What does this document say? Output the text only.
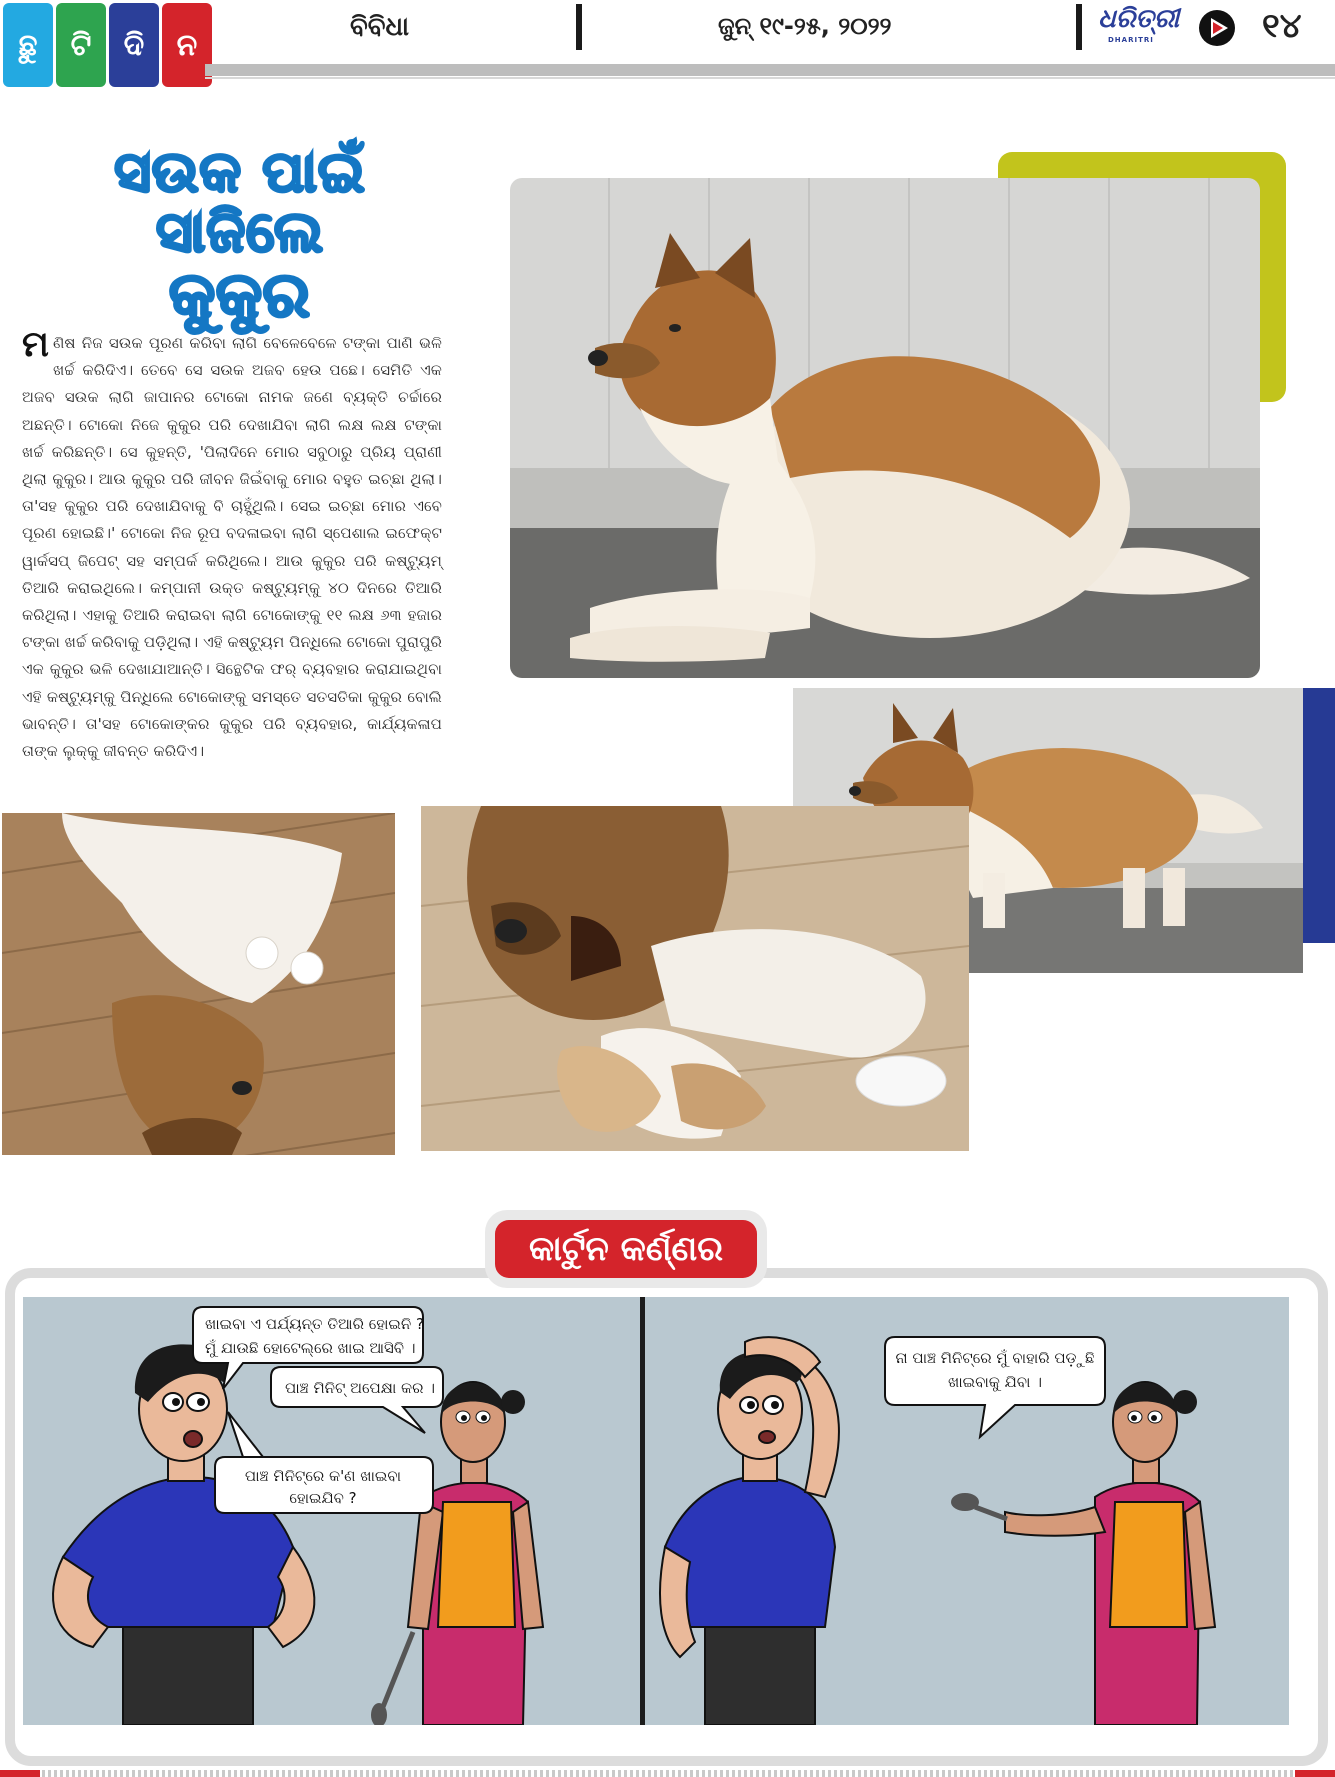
ଛୁ	ଟି	ଦି	ନ
ବିବିଧା	ଜୁନ୍ ୧୯-୨୫, ୨୦୨୨	ଧରିତ୍ରୀ
DHARITRI	୧୪
ସଉକ ପାଇଁ
ସାଜିଲେ
କୁକୁର
ମଣିଷ ନିଜ ସଉକ ପୂରଣ କରିବା ଲାଗି ବେଳେବେଳେ ଟଙ୍କା ପାଣି ଭଳି ଖର୍ଚ୍ଚ କରିଦିଏ। ତେବେ ସେ ସଉକ ଅଜବ ହେଉ ପଛେ। ସେମିତି ଏକ ଅଜବ ସଉକ ଲାଗି ଜାପାନର ଟୋକୋ ନାମକ ଜଣେ ବ୍ୟକ୍ତି ଚର୍ଚ୍ଚାରେ ଅଛନ୍ତି। ଟୋକୋ ନିଜେ କୁକୁର ପରି ଦେଖାଯିବା ଲାଗି ଲକ୍ଷ ଲକ୍ଷ ଟଙ୍କା ଖର୍ଚ୍ଚ କରିଛନ୍ତି। ସେ କୁହନ୍ତି, 'ପିଲାଦିନେ ମୋର ସବୁଠାରୁ ପ୍ରିୟ ପ୍ରାଣୀ ଥିଲା କୁକୁର। ଆଉ କୁକୁର ପରି ଜୀବନ ଜିଇଁବାକୁ ମୋର ବହୁତ ଇଚ୍ଛା ଥିଲା। ତା'ସହ କୁକୁର ପରି ଦେଖାଯିବାକୁ ବି ଚାହୁଁଥିଲି। ସେଇ ଇଚ୍ଛା ମୋର ଏବେ ପୂରଣ ହୋଇଛି।' ଟୋକୋ ନିଜ ରୂପ ବଦଳାଇବା ଲାଗି ସ୍ପେଶାଲ ଇଫେକ୍ଟ ୱାର୍କସପ୍ ଜିପେଟ୍ ସହ ସମ୍ପର୍କ କରିଥିଲେ। ଆଉ କୁକୁର ପରି କଷ୍ଟ୍ୟୁମ୍ ତିଆରି କରାଇଥିଲେ। କମ୍ପାନୀ ଉକ୍ତ କଷ୍ଟ୍ୟୁମ୍‌କୁ ୪୦ ଦିନରେ ତିଆରି କରିଥିଲା। ଏହାକୁ ତିଆରି କରାଇବା ଲାଗି ଟୋକୋଙ୍କୁ ୧୧ ଲକ୍ଷ ୬୩ ହଜାର ଟଙ୍କା ଖର୍ଚ୍ଚ କରିବାକୁ ପଡ଼ିଥିଲା। ଏହି କଷ୍ଟ୍ୟୁମ ପିନ୍ଧିଲେ ଟୋକୋ ପୁରାପୁରି ଏକ କୁକୁର ଭଳି ଦେଖାଯାଆନ୍ତି। ସିନ୍ଥେଟିକ ଫର୍ ବ୍ୟବହାର କରାଯାଇଥିବା ଏହି କଷ୍ଟ୍ୟୁମ୍‌କୁ ପିନ୍ଧିଲେ ଟୋକୋଙ୍କୁ ସମସ୍ତେ ସତସତିକା କୁକୁର ବୋଲି ଭାବନ୍ତି। ତା'ସହ ଟୋକୋଙ୍କର କୁକୁର ପରି ବ୍ୟବହାର, କାର୍ଯ୍ୟକଳାପ ତାଙ୍କ ଲୁକ୍‌କୁ ଜୀବନ୍ତ କରିଦିଏ।
କାର୍ଟୁନ କର୍ଣ୍ଣର
ଖାଇବା ଏ ପର୍ଯ୍ୟନ୍ତ ତିଆରି ହୋଇନି ?
ମୁଁ ଯାଉଛି ହୋଟେଲ୍‌ରେ ଖାଇ ଆସିବି ।
ପାଞ୍ଚ ମିନିଟ୍ ଅପେକ୍ଷା କର ।
ପାଞ୍ଚ ମିନିଟ୍‌ରେ କ'ଣ ଖାଇବା
ହୋଇଯିବ ?
ନା ପାଞ୍ଚ ମିନିଟ୍‌ରେ ମୁଁ ବାହାରି ପଡ଼ୁଛି
ଖାଇବାକୁ ଯିବା ।
